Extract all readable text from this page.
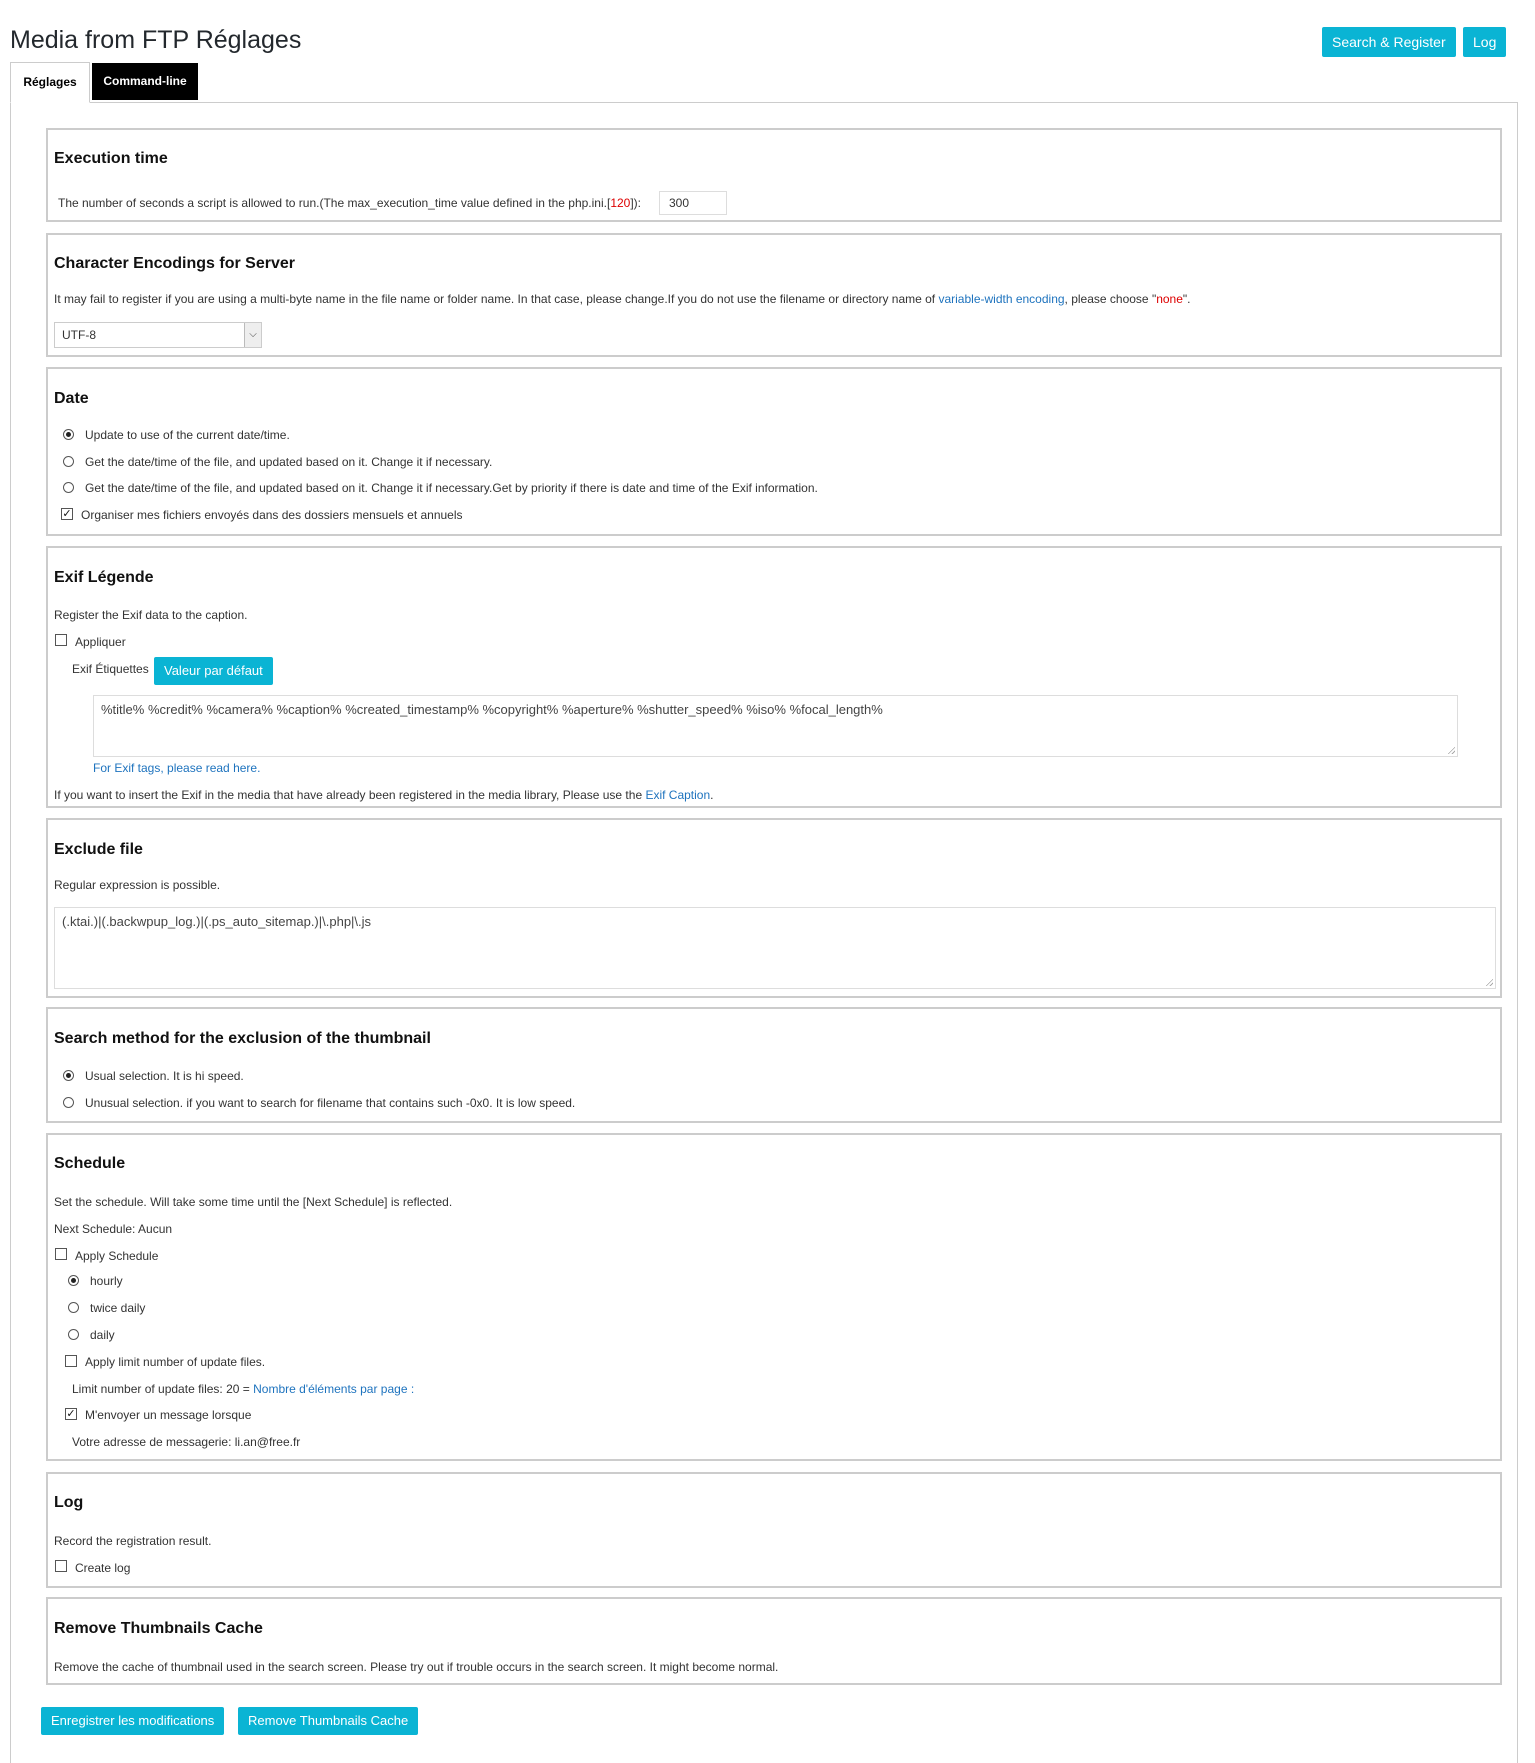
Media from FTP Réglages	Search & Register	Log
Réglages	Command-line
Execution time
The number of seconds a script is allowed to run.(The max_execution_time value defined in the php.ini.[120]):	300
Character Encodings for Server
It may fail to register if you are using a multi-byte name in the file name or folder name. In that case, please change.If you do not use the filename or directory name of variable-width encoding, please choose "none".
UTF-8	⌵
Date
Update to use of the current date/time.
Get the date/time of the file, and updated based on it. Change it if necessary.
Get the date/time of the file, and updated based on it. Change it if necessary.Get by priority if there is date and time of the Exif information.
✓ Organiser mes fichiers envoyés dans des dossiers mensuels et annuels
Exif Légende
Register the Exif data to the caption.
Appliquer
Exif Étiquettes	Valeur par défaut
%title% %credit% %camera% %caption% %created_timestamp% %copyright% %aperture% %shutter_speed% %iso% %focal_length%
For Exif tags, please read here.
If you want to insert the Exif in the media that have already been registered in the media library, Please use the Exif Caption.
Exclude file
Regular expression is possible.
(.ktai.)|(.backwpup_log.)|(.ps_auto_sitemap.)|\.php|\.js
Search method for the exclusion of the thumbnail
Usual selection. It is hi speed.
Unusual selection. if you want to search for filename that contains such -0x0. It is low speed.
Schedule
Set the schedule. Will take some time until the [Next Schedule] is reflected.
Next Schedule: Aucun
Apply Schedule
hourly
twice daily
daily
Apply limit number of update files.
Limit number of update files: 20 = Nombre d'éléments par page :
✓ M'envoyer un message lorsque
Votre adresse de messagerie: li.an@free.fr
Log
Record the registration result.
Create log
Remove Thumbnails Cache
Remove the cache of thumbnail used in the search screen. Please try out if trouble occurs in the search screen. It might become normal.
Enregistrer les modifications	Remove Thumbnails Cache
